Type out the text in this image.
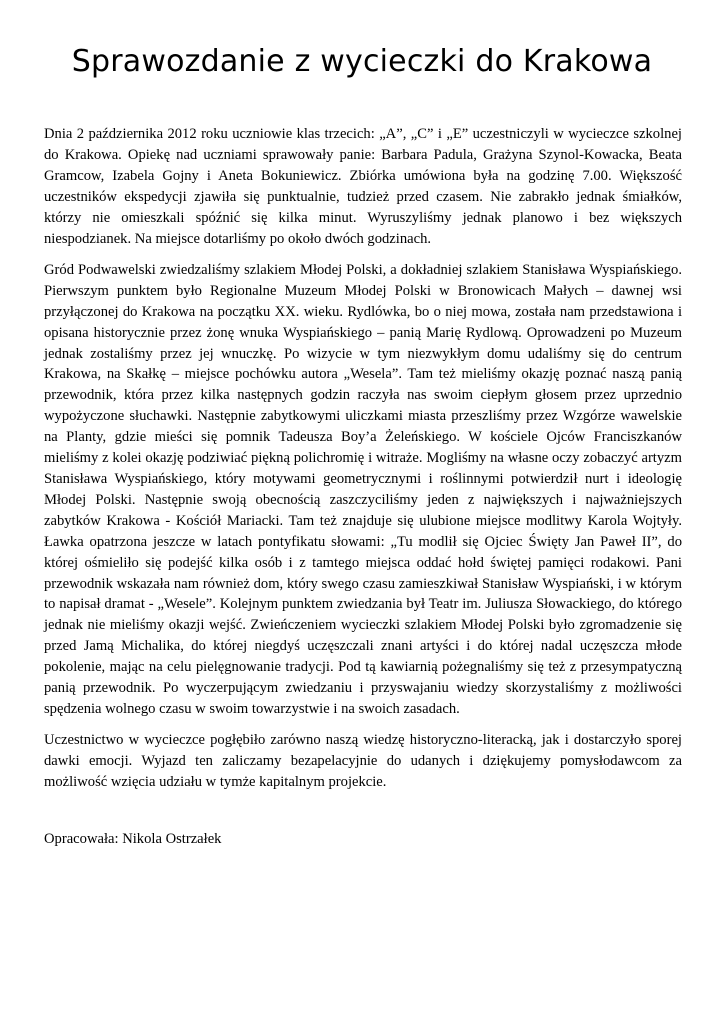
Sprawozdanie z wycieczki do Krakowa

Dnia 2 października 2012 roku uczniowie klas trzecich: „A”, „C” i „E” uczestniczyli w wycieczce szkolnej do Krakowa. Opiekę nad uczniami sprawowały panie: Barbara Padula, Grażyna Szynol-Kowacka, Beata Gramcow, Izabela Gojny i Aneta Bokuniewicz. Zbiórka umówiona była na godzinę 7.00. Większość uczestników ekspedycji zjawiła się punktualnie, tudzież przed czasem. Nie zabrakło jednak śmiałków, którzy nie omieszkali spóźnić się kilka minut. Wyruszyliśmy jednak planowo i bez większych niespodzianek. Na miejsce dotarliśmy po około dwóch godzinach.

Gród Podwawelski zwiedzaliśmy szlakiem Młodej Polski, a dokładniej szlakiem Stanisława Wyspiańskiego. Pierwszym punktem było Regionalne Muzeum Młodej Polski w Bronowicach Małych – dawnej wsi przyłączonej do Krakowa na początku XX. wieku. Rydlówka, bo o niej mowa, została nam przedstawiona i opisana historycznie przez żonę wnuka Wyspiańskiego – panią Marię Rydlową. Oprowadzeni po Muzeum jednak zostaliśmy przez jej wnuczkę. Po wizycie w tym niezwykłym domu udaliśmy się do centrum Krakowa, na Skałkę – miejsce pochówku autora „Wesela”. Tam też mieliśmy okazję poznać naszą panią przewodnik, która przez kilka następnych godzin raczyła nas swoim ciepłym głosem przez uprzednio wypożyczone słuchawki. Następnie zabytkowymi uliczkami miasta przeszliśmy przez Wzgórze wawelskie na Planty, gdzie mieści się pomnik Tadeusza Boy’a Żeleńskiego. W kościele Ojców Franciszkanów mieliśmy z kolei okazję podziwiać piękną polichromię i witraże. Mogliśmy na własne oczy zobaczyć artyzm Stanisława Wyspiańskiego, który motywami geometrycznymi i roślinnymi potwierdził nurt i ideologię Młodej Polski. Następnie swoją obecnością zaszczyciliśmy jeden z największych i najważniejszych zabytków Krakowa - Kościół Mariacki. Tam też znajduje się ulubione miejsce modlitwy Karola Wojtyły. Ławka opatrzona jeszcze w latach pontyfikatu słowami: „Tu modlił się Ojciec Święty Jan Paweł II”, do której ośmieliło się podejść kilka osób i z tamtego miejsca oddać hołd świętej pamięci rodakowi. Pani przewodnik wskazała nam również dom, który swego czasu zamieszkiwał Stanisław Wyspiański, i w którym to napisał dramat - „Wesele”. Kolejnym punktem zwiedzania był Teatr im. Juliusza Słowackiego, do którego jednak nie mieliśmy okazji wejść. Zwieńczeniem wycieczki szlakiem Młodej Polski było zgromadzenie się przed Jamą Michalika, do której niegdyś uczęszczali znani artyści i do której nadal uczęszcza młode pokolenie, mając na celu pielęgnowanie tradycji. Pod tą kawiarnią pożegnaliśmy się też z przesympatyczną panią przewodnik. Po wyczerpującym zwiedzaniu i przyswajaniu wiedzy skorzystaliśmy z możliwości spędzenia wolnego czasu w swoim towarzystwie i na swoich zasadach.

Uczestnictwo w wycieczce pogłębiło zarówno naszą wiedzę historyczno-literacką, jak i dostarczyło sporej dawki emocji. Wyjazd ten zaliczamy bezapelacyjnie do udanych i dziękujemy pomysłodawcom za możliwość wzięcia udziału w tymże kapitalnym projekcie.

Opracowała: Nikola Ostrzałek
